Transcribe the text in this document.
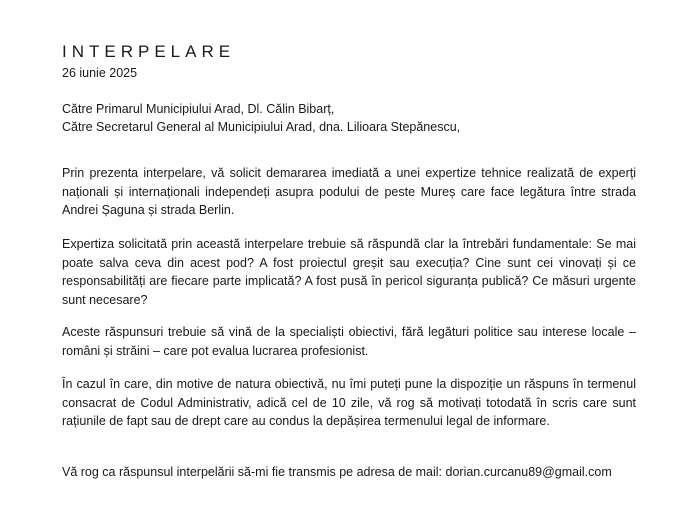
INTERPELARE
26 iunie 2025
Către Primarul Municipiului Arad, Dl. Călin Bibarț,
Către Secretarul General al Municipiului Arad, dna. Lilioara Stepănescu,

Prin prezenta interpelare, vă solicit demararea imediată a unei expertize tehnice realizată de experți naționali și internaționali independeți asupra podului de peste Mureș care face legătura între strada Andrei Șaguna și strada Berlin.

Expertiza solicitată prin această interpelare trebuie să răspundă clar la întrebări fundamentale: Se mai poate salva ceva din acest pod? A fost proiectul greșit sau execuția? Cine sunt cei vinovați și ce responsabilități are fiecare parte implicată? A fost pusă în pericol siguranța publică? Ce măsuri urgente sunt necesare?

Aceste răspunsuri trebuie să vină de la specialiști obiectivi, fără legături politice sau interese locale – români și străini – care pot evalua lucrarea profesionist.

În cazul în care, din motive de natura obiectivă, nu îmi puteți pune la dispoziție un răspuns în termenul consacrat de Codul Administrativ, adică cel de 10 zile, vă rog să motivați totodată în scris care sunt rațiunile de fapt sau de drept care au condus la depășirea termenului legal de informare.

Vă rog ca răspunsul interpelării să-mi fie transmis pe adresa de mail: dorian.curcanu89@gmail.com
